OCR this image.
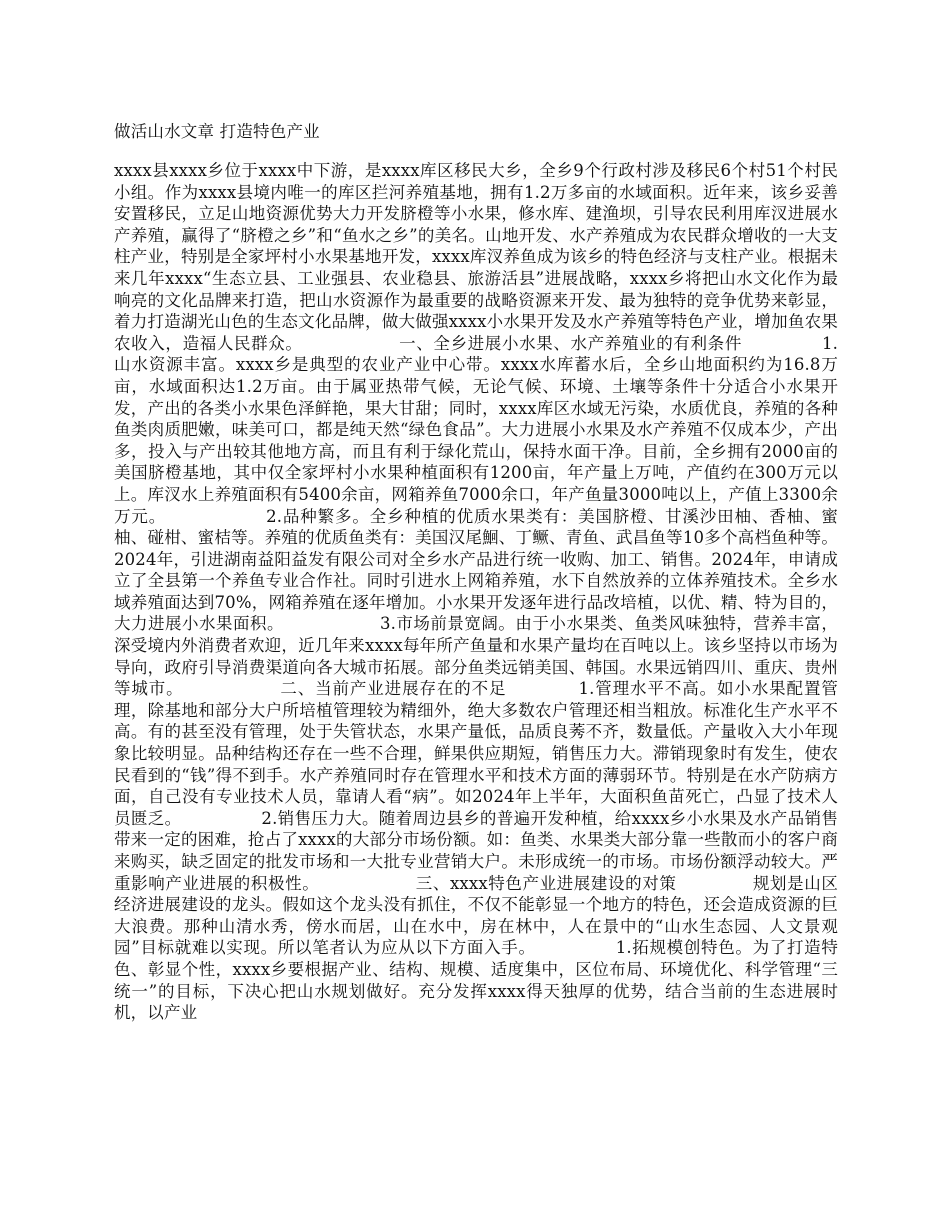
做活山水文章 打造特色产业
xxxx县xxxx乡位于xxxx中下游，是xxxx库区移民大乡，全乡9个行政村涉及移民6个村51个村民小组。作为xxxx县境内唯一的库区拦河养殖基地，拥有1.2万多亩的水域面积。近年来，该乡妥善安置移民，立足山地资源优势大力开发脐橙等小水果，修水库、建渔坝，引导农民利用库汊进展水产养殖，赢得了“脐橙之乡”和“鱼水之乡”的美名。山地开发、水产养殖成为农民群众增收的一大支柱产业，特别是全家坪村小水果基地开发，xxxx库汊养鱼成为该乡的特色经济与支柱产业。根据未来几年xxxx“生态立县、工业强县、农业稳县、旅游活县”进展战略，xxxx乡将把山水文化作为最响亮的文化品牌来打造，把山水资源作为最重要的战略资源来开发、最为独特的竞争优势来彰显，着力打造湖光山色的生态文化品牌，做大做强xxxx小水果开发及水产养殖等特色产业，增加鱼农果农收入，造福人民群众。	一、全乡进展小水果、水产养殖业的有利条件	1.山水资源丰富。xxxx乡是典型的农业产业中心带。xxxx水库蓄水后，全乡山地面积约为16.8万亩，水域面积达1.2万亩。由于属亚热带气候，无论气候、环境、土壤等条件十分适合小水果开发，产出的各类小水果色泽鲜艳，果大甘甜；同时，xxxx库区水域无污染，水质优良，养殖的各种鱼类肉质肥嫩，味美可口，都是纯天然“绿色食品”。大力进展小水果及水产养殖不仅成本少，产出多，投入与产出较其他地方高，而且有利于绿化荒山，保持水面干净。目前，全乡拥有2000亩的美国脐橙基地，其中仅全家坪村小水果种植面积有1200亩，年产量上万吨，产值约在300万元以上。库汊水上养殖面积有5400余亩，网箱养鱼7000余口，年产鱼量3000吨以上，产值上3300余万元。	2.品种繁多。全乡种植的优质水果类有：美国脐橙、甘溪沙田柚、香柚、蜜柚、碰柑、蜜桔等。养殖的优质鱼类有：美国汉尾鮰、丁鳜、青鱼、武昌鱼等10多个高档鱼种等。2024年，引进湖南益阳益发有限公司对全乡水产品进行统一收购、加工、销售。2024年，申请成立了全县第一个养鱼专业合作社。同时引进水上网箱养殖，水下自然放养的立体养殖技术。全乡水域养殖面达到70%，网箱养殖在逐年增加。小水果开发逐年进行品改培植，以优、精、特为目的，大力进展小水果面积。	3.市场前景宽阔。由于小水果类、鱼类风味独特，营养丰富，深受境内外消费者欢迎，近几年来xxxx每年所产鱼量和水果产量均在百吨以上。该乡坚持以市场为导向，政府引导消费渠道向各大城市拓展。部分鱼类远销美国、韩国。水果远销四川、重庆、贵州等城市。	二、当前产业进展存在的不足	1.管理水平不高。如小水果配置管理，除基地和部分大户所培植管理较为精细外，绝大多数农户管理还相当粗放。标准化生产水平不高。有的甚至没有管理，处于失管状态，水果产量低，品质良莠不齐，数量低。产量收入大小年现象比较明显。品种结构还存在一些不合理，鲜果供应期短，销售压力大。滞销现象时有发生，使农民看到的“钱”得不到手。水产养殖同时存在管理水平和技术方面的薄弱环节。特别是在水产防病方面，自己没有专业技术人员，靠请人看“病”。如2024年上半年，大面积鱼苗死亡，凸显了技术人员匮乏。	2.销售压力大。随着周边县乡的普遍开发种植，给xxxx乡小水果及水产品销售带来一定的困难，抢占了xxxx的大部分市场份额。如：鱼类、水果类大部分靠一些散而小的客户商来购买，缺乏固定的批发市场和一大批专业营销大户。未形成统一的市场。市场份额浮动较大。严重影响产业进展的积极性。	三、xxxx特色产业进展建设的对策	规划是山区经济进展建设的龙头。假如这个龙头没有抓住，不仅不能彰显一个地方的特色，还会造成资源的巨大浪费。那种山清水秀，傍水而居，山在水中，房在林中，人在景中的“山水生态园、人文景观园”目标就难以实现。所以笔者认为应从以下方面入手。	1.拓规模创特色。为了打造特色、彰显个性，xxxx乡要根据产业、结构、规模、适度集中，区位布局、环境优化、科学管理“三统一”的目标，下决心把山水规划做好。充分发挥xxxx得天独厚的优势，结合当前的生态进展时机，以产业
